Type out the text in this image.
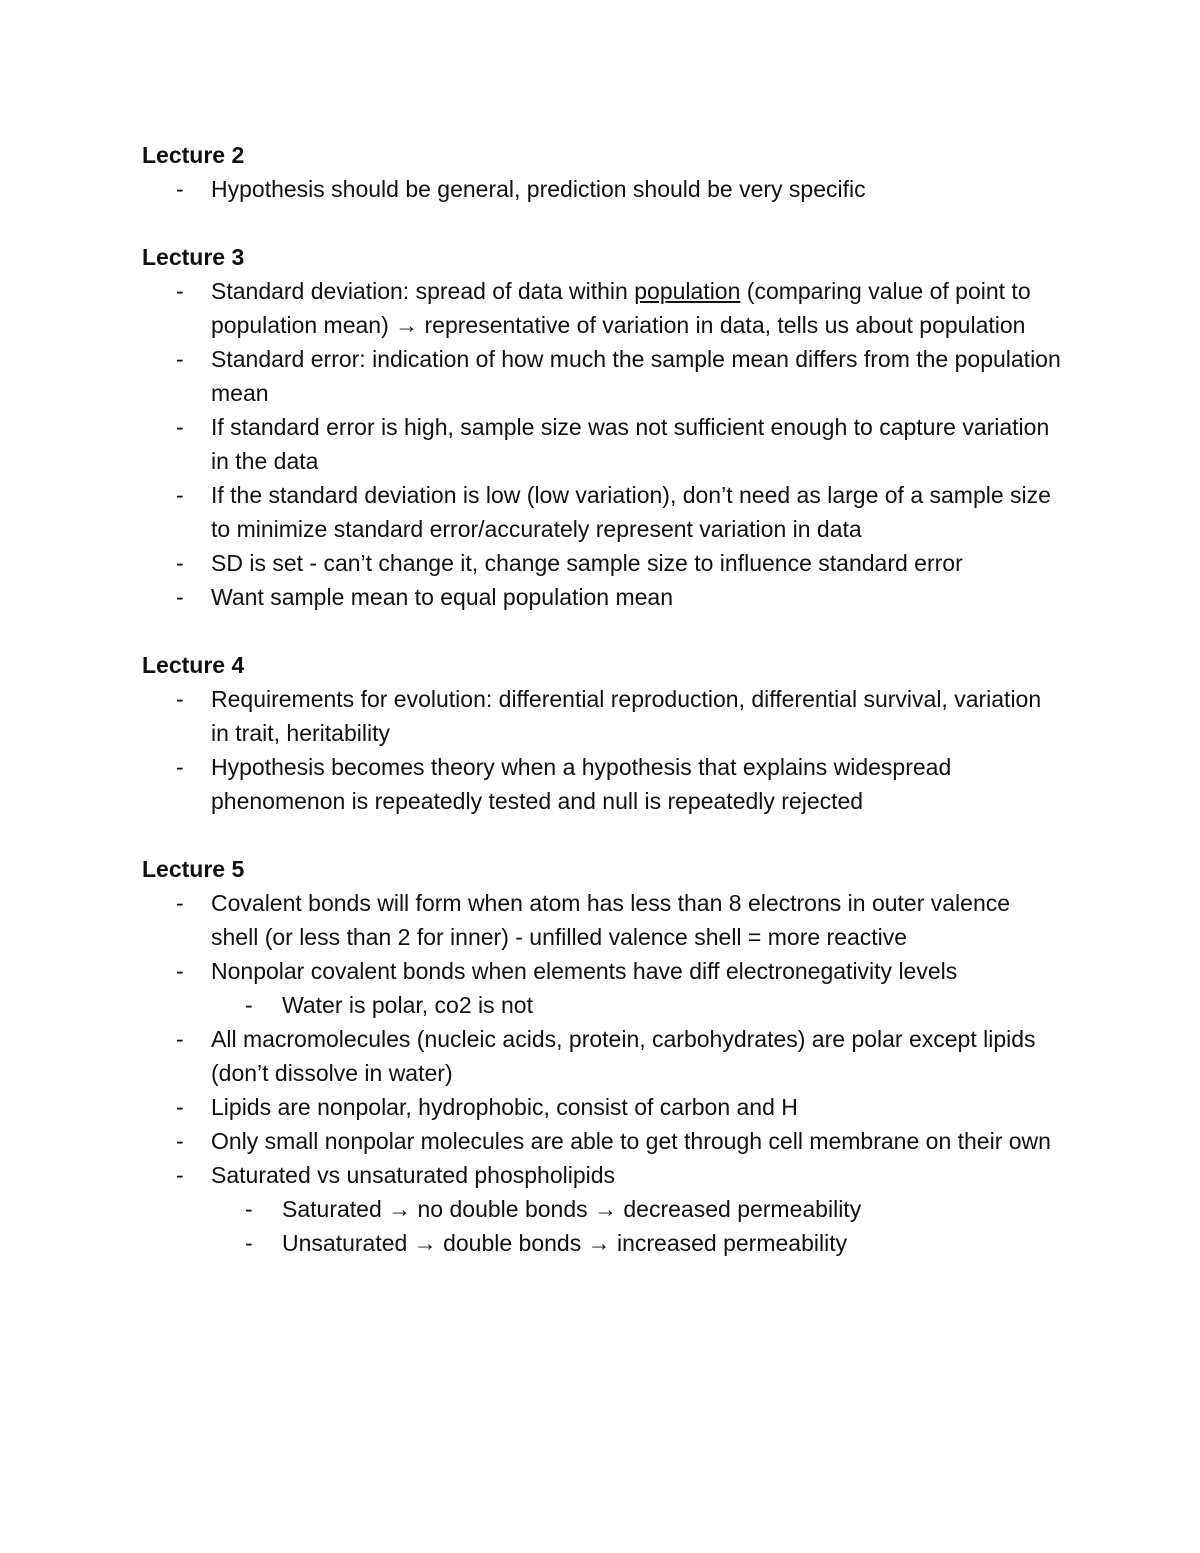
Lecture 2
- Hypothesis should be general, prediction should be very specific
Lecture 3
- Standard deviation: spread of data within population (comparing value of point to population mean) → representative of variation in data, tells us about population
- Standard error: indication of how much the sample mean differs from the population mean
- If standard error is high, sample size was not sufficient enough to capture variation in the data
- If the standard deviation is low (low variation), don’t need as large of a sample size to minimize standard error/accurately represent variation in data
- SD is set - can’t change it, change sample size to influence standard error
- Want sample mean to equal population mean
Lecture 4
- Requirements for evolution: differential reproduction, differential survival, variation in trait, heritability
- Hypothesis becomes theory when a hypothesis that explains widespread phenomenon is repeatedly tested and null is repeatedly rejected
Lecture 5
- Covalent bonds will form when atom has less than 8 electrons in outer valence shell (or less than 2 for inner) - unfilled valence shell = more reactive
- Nonpolar covalent bonds when elements have diff electronegativity levels
- Water is polar, co2 is not
- All macromolecules (nucleic acids, protein, carbohydrates) are polar except lipids (don’t dissolve in water)
- Lipids are nonpolar, hydrophobic, consist of carbon and H
- Only small nonpolar molecules are able to get through cell membrane on their own
- Saturated vs unsaturated phospholipids
- Saturated → no double bonds → decreased permeability
- Unsaturated → double bonds → increased permeability
